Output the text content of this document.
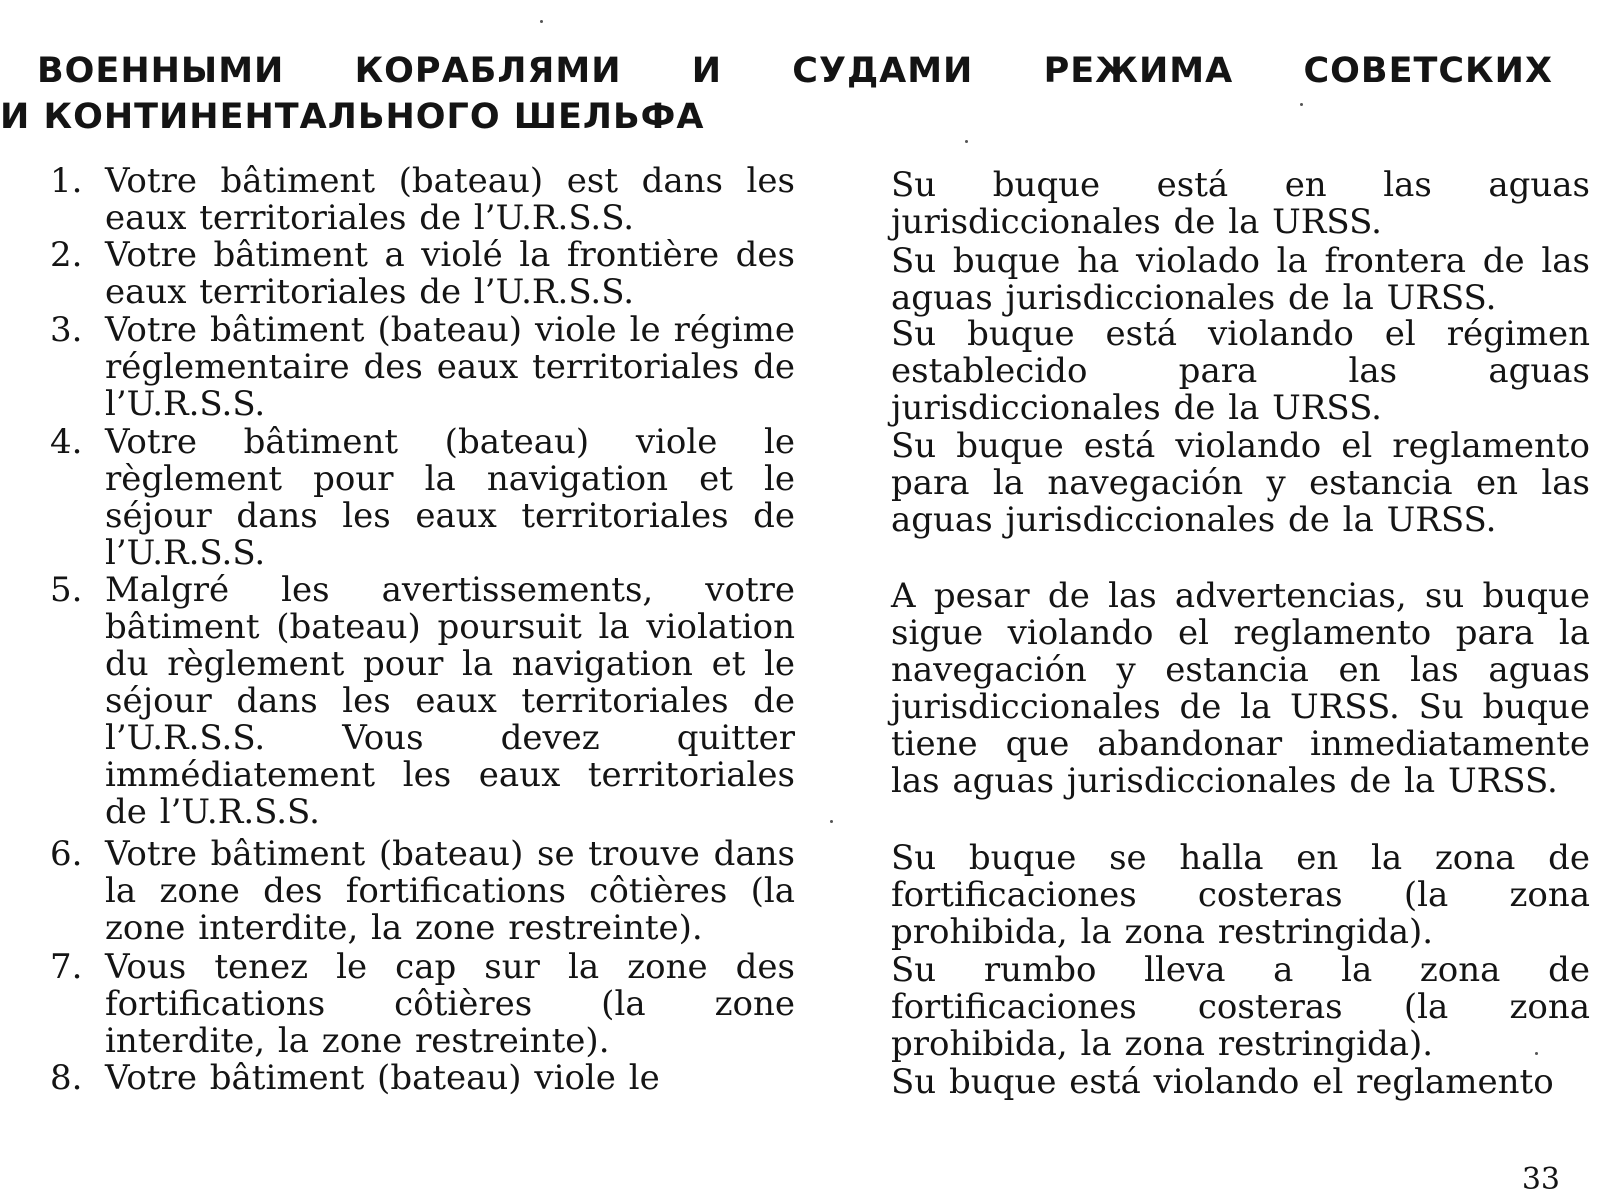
ВОЕННЫМИ КОРАБЛЯМИ И СУДАМИ РЕЖИМА СОВЕТСКИХ
И КОНТИНЕНТАЛЬНОГО ШЕЛЬФА
1. Votre bâtiment (bateau) est dans les eaux territoriales de l’U.R.S.S.
2. Votre bâtiment a violé la frontière des eaux territoriales de l’U.R.S.S.
3. Votre bâtiment (bateau) viole le régime réglementaire des eaux territoriales de l’U.R.S.S.
4. Votre bâtiment (bateau) viole le règlement pour la navigation et le séjour dans les eaux territoriales de l’U.R.S.S.
5. Malgré les avertissements, votre bâtiment (bateau) poursuit la violation du règlement pour la navigation et le séjour dans les eaux territoriales de l’U.R.S.S. Vous devez quitter immédiatement les eaux territoriales de l’U.R.S.S.
6. Votre bâtiment (bateau) se trouve dans la zone des fortifications côtières (la zone interdite, la zone restreinte).
7. Vous tenez le cap sur la zone des fortifications côtières (la zone interdite, la zone restreinte).
8. Votre bâtiment (bateau) viole le
Su buque está en las aguas jurisdiccionales de la URSS.
Su buque ha violado la frontera de las aguas jurisdiccionales de la URSS.
Su buque está violando el régimen establecido para las aguas jurisdiccionales de la URSS.
Su buque está violando el reglamento para la navegación y estancia en las aguas jurisdiccionales de la URSS.
A pesar de las advertencias, su buque sigue violando el reglamento para la navegación y estancia en las aguas jurisdiccionales de la URSS. Su buque tiene que abandonar inmediatamente las aguas jurisdiccionales de la URSS.
Su buque se halla en la zona de fortificaciones costeras (la zona prohibida, la zona restringida).
Su rumbo lleva a la zona de fortificaciones costeras (la zona prohibida, la zona restringida).
Su buque está violando el reglamento
33
